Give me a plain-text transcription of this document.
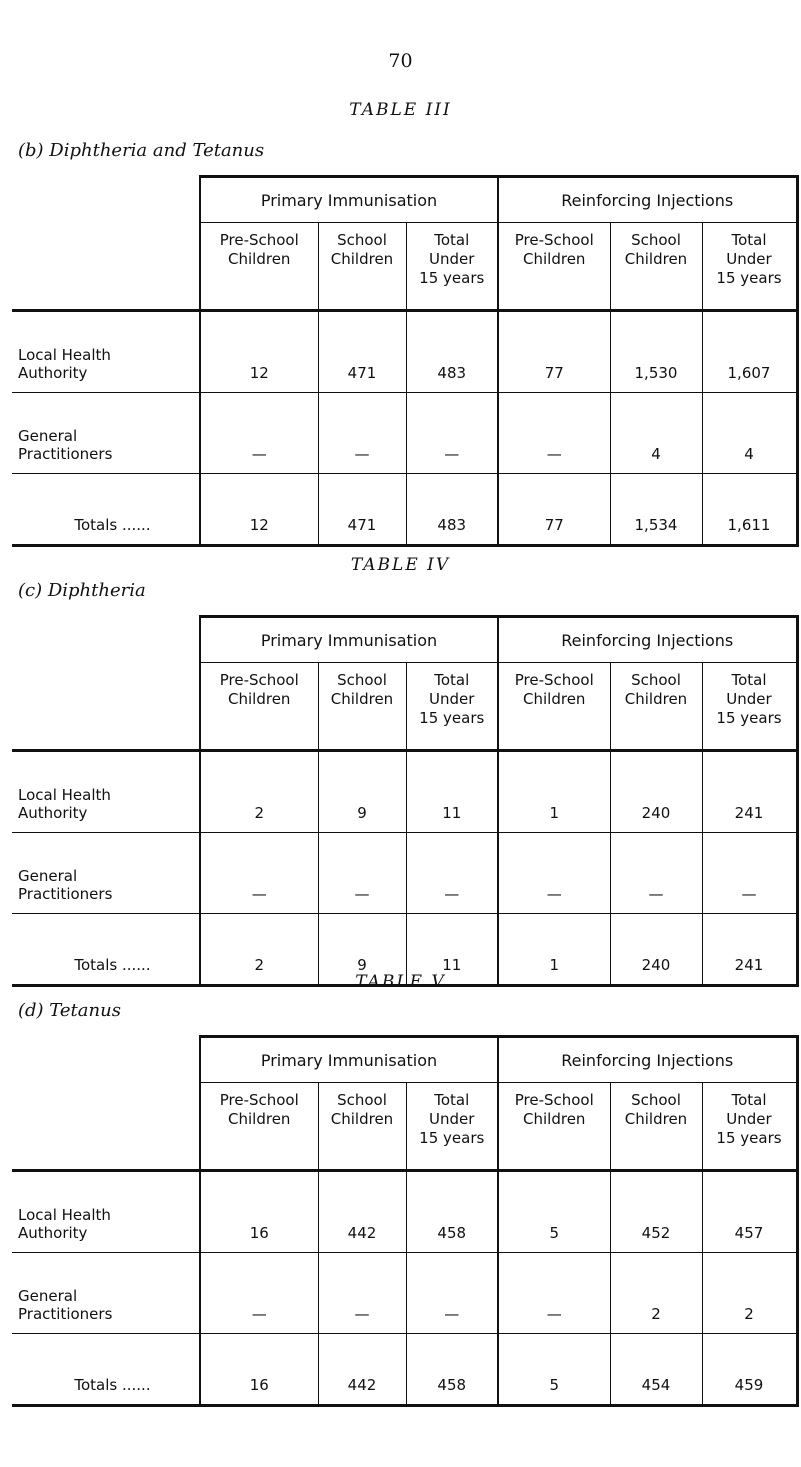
70
TABLE III
(b) Diphtheria and Tetanus
	Primary Immunisation			Reinforcing Injections		
	Pre-School
Children	School
Children	Total
Under
15 years	Pre-School
Children	School
Children	Total
Under
15 years
Local Health
Authority	12	471	483	77	1,530	1,607
General
Practitioners	—	—	—	—	4	4
Totals ......	12	471	483	77	1,534	1,611
TABLE IV
(c) Diphtheria
	Primary Immunisation			Reinforcing Injections		
	Pre-School
Children	School
Children	Total
Under
15 years	Pre-School
Children	School
Children	Total
Under
15 years
Local Health
Authority	2	9	11	1	240	241
General
Practitioners	—	—	—	—	—	—
Totals ......	2	9	11	1	240	241
TABLE V
(d) Tetanus
	Primary Immunisation			Reinforcing Injections		
	Pre-School
Children	School
Children	Total
Under
15 years	Pre-School
Children	School
Children	Total
Under
15 years
Local Health
Authority	16	442	458	5	452	457
General
Practitioners	—	—	—	—	2	2
Totals ......	16	442	458	5	454	459
